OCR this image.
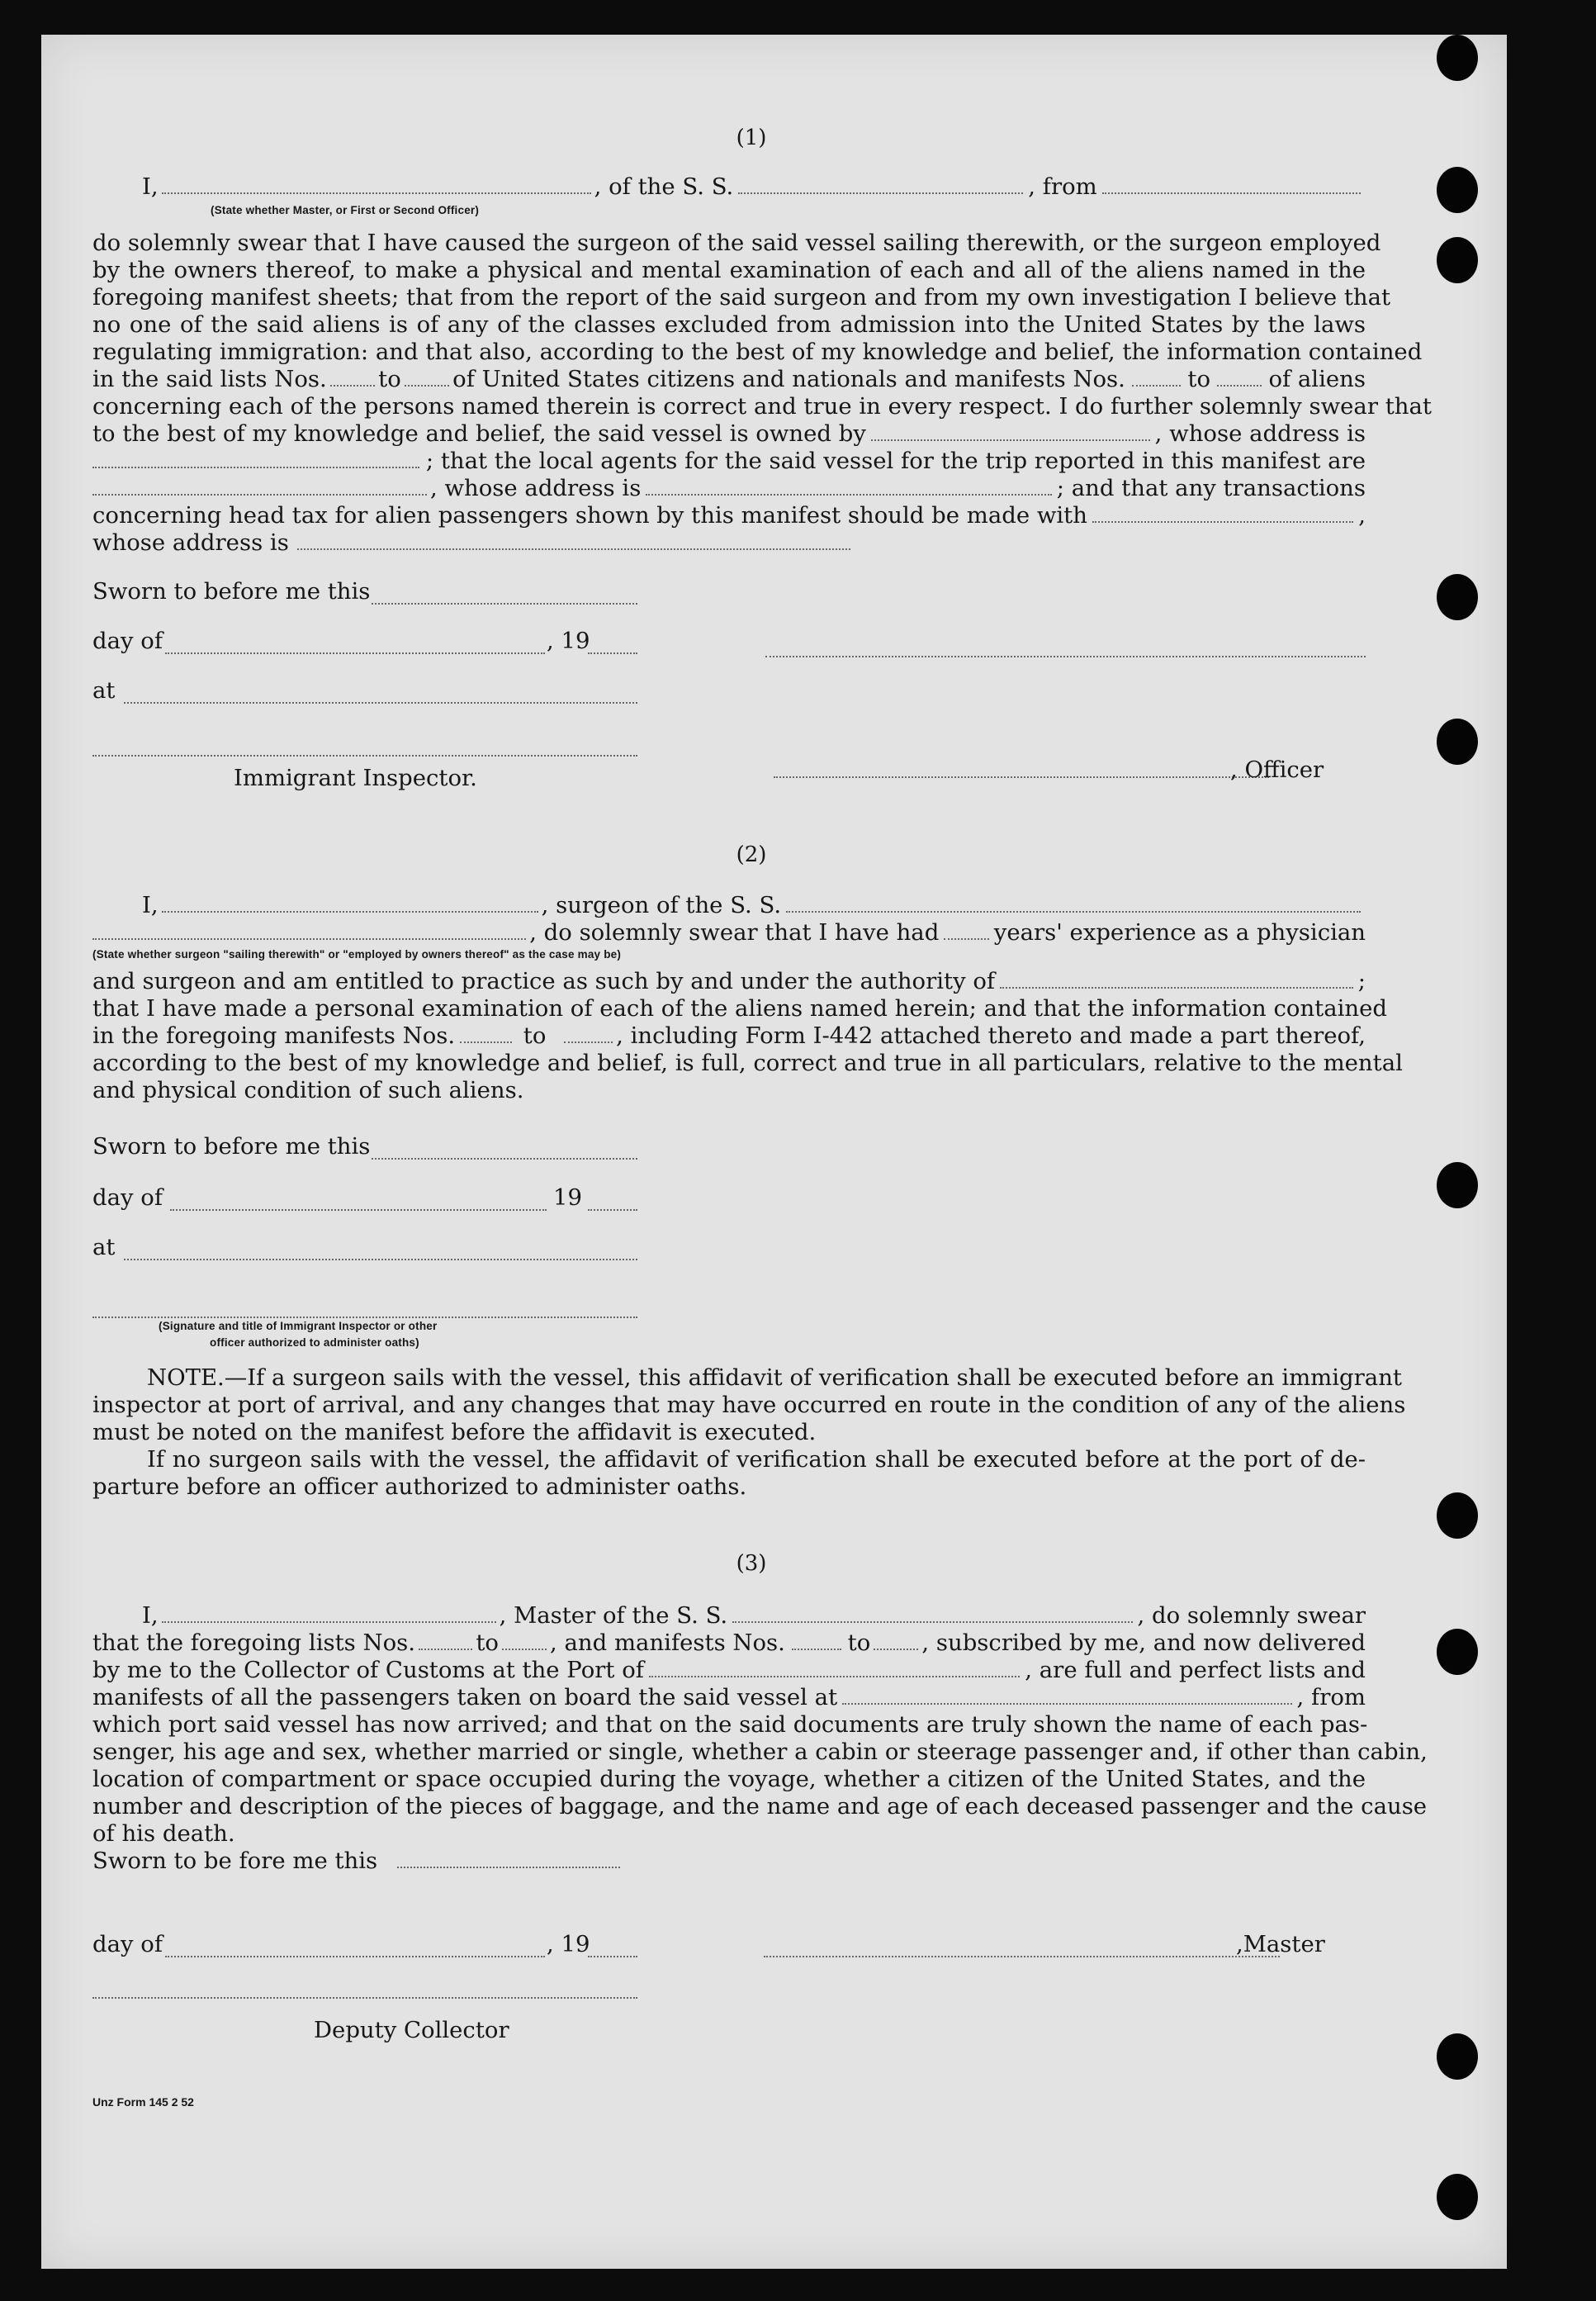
(1)
I,	, of the S. S.	, from
(State whether Master, or First or Second Officer)
do solemnly swear that I have caused the surgeon of the said vessel sailing therewith, or the surgeon employed
by the owners thereof, to make a physical and mental examination of each and all of the aliens named in the
foregoing manifest sheets; that from the report of the said surgeon and from my own investigation I believe that
no one of the said aliens is of any of the classes excluded from admission into the United States by the laws
regulating immigration: and that also, according to the best of my knowledge and belief, the information contained
in the said lists Nos. to of United States citizens and nationals and manifests Nos.	to	of aliens
concerning each of the persons named therein is correct and true in every respect. I do further solemnly swear that
to the best of my knowledge and belief, the said vessel is owned by	, whose address is
; that the local agents for the said vessel for the trip reported in this manifest are
, whose address is	; and that any transactions
concerning head tax for alien passengers shown by this manifest should be made with	,
whose address is
Sworn to before me this
day of	, 19
at
Immigrant Inspector.	, Officer
(2)
I,	, surgeon of the S. S.
, do solemnly swear that I have had years' experience as a physician
(State whether surgeon "sailing therewith" or "employed by owners thereof" as the case may be)
and surgeon and am entitled to practice as such by and under the authority of	;
that I have made a personal examination of each of the aliens named herein; and that the information contained
in the foregoing manifests Nos.	to	, including Form I-442 attached thereto and made a part thereof,
according to the best of my knowledge and belief, is full, correct and true in all particulars, relative to the mental
and physical condition of such aliens.
Sworn to before me this
day of	19
at
(Signature and title of Immigrant Inspector or other
officer authorized to administer oaths)
NOTE.—If a surgeon sails with the vessel, this affidavit of verification shall be executed before an immigrant
inspector at port of arrival, and any changes that may have occurred en route in the condition of any of the aliens
must be noted on the manifest before the affidavit is executed.
If no surgeon sails with the vessel, the affidavit of verification shall be executed before at the port of de-
parture before an officer authorized to administer oaths.
(3)
I,	, Master of the S. S.	, do solemnly swear
that the foregoing lists Nos.	to , and manifests Nos.	to , subscribed by me, and now delivered
by me to the Collector of Customs at the Port of	, are full and perfect lists and
manifests of all the passengers taken on board the said vessel at	, from
which port said vessel has now arrived; and that on the said documents are truly shown the name of each pas-
senger, his age and sex, whether married or single, whether a cabin or steerage passenger and, if other than cabin,
location of compartment or space occupied during the voyage, whether a citizen of the United States, and the
number and description of the pieces of baggage, and the name and age of each deceased passenger and the cause
of his death.
Sworn to be fore me this
day of	, 19	,Master
Deputy Collector
Unz Form 145 2 52
